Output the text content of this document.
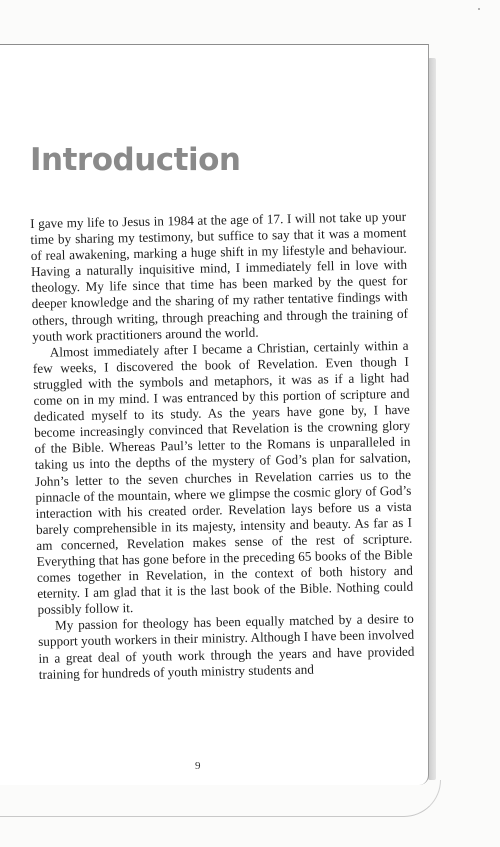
Introduction

I gave my life to Jesus in 1984 at the age of 17. I will not take up your time by sharing my testimony, but suffice to say that it was a moment of real awakening, marking a huge shift in my lifestyle and behaviour. Having a naturally inquisitive mind, I immediately fell in love with theology. My life since that time has been marked by the quest for deeper knowledge and the sharing of my rather tentative findings with others, through writing, through preaching and through the training of youth work practitioners around the world.

Almost immediately after I became a Christian, certainly within a few weeks, I discovered the book of Revelation. Even though I struggled with the symbols and metaphors, it was as if a light had come on in my mind. I was entranced by this portion of scripture and dedicated myself to its study. As the years have gone by, I have become increasingly convinced that Revelation is the crowning glory of the Bible. Whereas Paul’s letter to the Romans is unparalleled in taking us into the depths of the mystery of God’s plan for salvation, John’s letter to the seven churches in Revelation carries us to the pinnacle of the mountain, where we glimpse the cosmic glory of God’s interaction with his created order. Revelation lays before us a vista barely comprehensible in its majesty, intensity and beauty. As far as I am concerned, Revelation makes sense of the rest of scripture. Everything that has gone before in the preceding 65 books of the Bible comes together in Revelation, in the context of both history and eternity. I am glad that it is the last book of the Bible. Nothing could possibly follow it.

My passion for theology has been equally matched by a desire to support youth workers in their ministry. Although I have been involved in a great deal of youth work through the years and have provided training for hundreds of youth ministry students and

9
